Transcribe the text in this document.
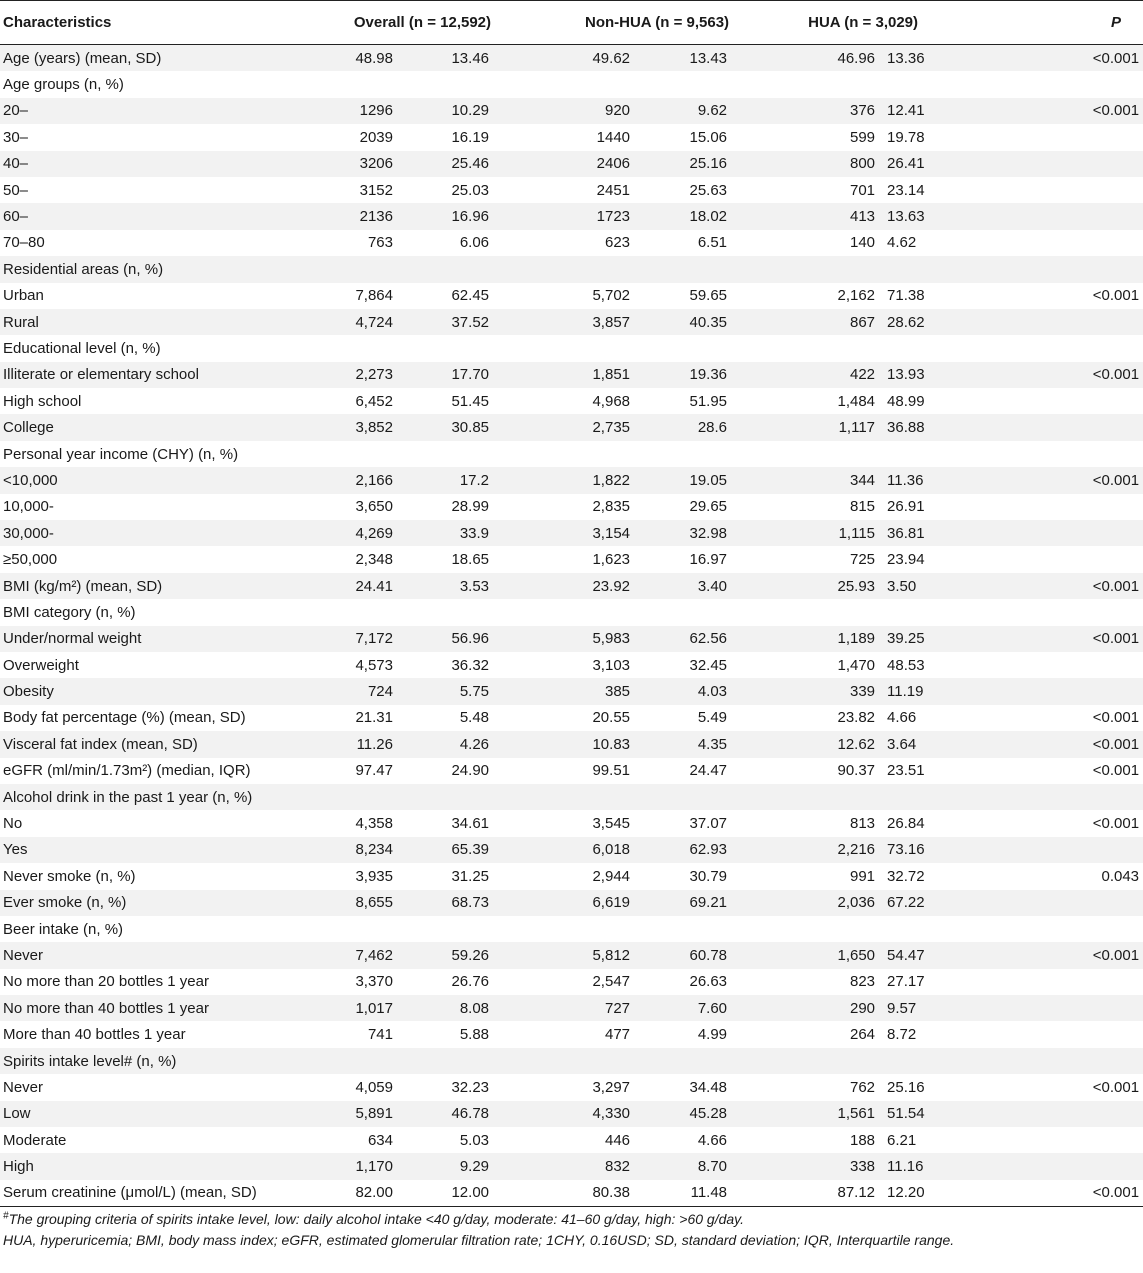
Characteristics	Overall (n = 12,592)		Non-HUA (n = 9,563)		HUA (n = 3,029)		P
Age (years) (mean, SD)	48.98	13.46	49.62	13.43	46.96	13.36	<0.001
Age groups (n, %)							
20–	1296	10.29	920	9.62	376	12.41	<0.001
30–	2039	16.19	1440	15.06	599	19.78	
40–	3206	25.46	2406	25.16	800	26.41	
50–	3152	25.03	2451	25.63	701	23.14	
60–	2136	16.96	1723	18.02	413	13.63	
70–80	763	6.06	623	6.51	140	4.62	
Residential areas (n, %)							
Urban	7,864	62.45	5,702	59.65	2,162	71.38	<0.001
Rural	4,724	37.52	3,857	40.35	867	28.62	
Educational level (n, %)							
Illiterate or elementary school	2,273	17.70	1,851	19.36	422	13.93	<0.001
High school	6,452	51.45	4,968	51.95	1,484	48.99	
College	3,852	30.85	2,735	28.6	1,117	36.88	
Personal year income (CHY) (n, %)							
<10,000	2,166	17.2	1,822	19.05	344	11.36	<0.001
10,000-	3,650	28.99	2,835	29.65	815	26.91	
30,000-	4,269	33.9	3,154	32.98	1,115	36.81	
≥50,000	2,348	18.65	1,623	16.97	725	23.94	
BMI (kg/m²) (mean, SD)	24.41	3.53	23.92	3.40	25.93	3.50	<0.001
BMI category (n, %)							
Under/normal weight	7,172	56.96	5,983	62.56	1,189	39.25	<0.001
Overweight	4,573	36.32	3,103	32.45	1,470	48.53	
Obesity	724	5.75	385	4.03	339	11.19	
Body fat percentage (%) (mean, SD)	21.31	5.48	20.55	5.49	23.82	4.66	<0.001
Visceral fat index (mean, SD)	11.26	4.26	10.83	4.35	12.62	3.64	<0.001
eGFR (ml/min/1.73m²) (median, IQR)	97.47	24.90	99.51	24.47	90.37	23.51	<0.001
Alcohol drink in the past 1 year (n, %)							
No	4,358	34.61	3,545	37.07	813	26.84	<0.001
Yes	8,234	65.39	6,018	62.93	2,216	73.16	
Never smoke (n, %)	3,935	31.25	2,944	30.79	991	32.72	0.043
Ever smoke (n, %)	8,655	68.73	6,619	69.21	2,036	67.22	
Beer intake (n, %)							
Never	7,462	59.26	5,812	60.78	1,650	54.47	<0.001
No more than 20 bottles 1 year	3,370	26.76	2,547	26.63	823	27.17	
No more than 40 bottles 1 year	1,017	8.08	727	7.60	290	9.57	
More than 40 bottles 1 year	741	5.88	477	4.99	264	8.72	
Spirits intake level# (n, %)							
Never	4,059	32.23	3,297	34.48	762	25.16	<0.001
Low	5,891	46.78	4,330	45.28	1,561	51.54	
Moderate	634	5.03	446	4.66	188	6.21	
High	1,170	9.29	832	8.70	338	11.16	
Serum creatinine (μmol/L) (mean, SD)	82.00	12.00	80.38	11.48	87.12	12.20	<0.001
#The grouping criteria of spirits intake level, low: daily alcohol intake <40 g/day, moderate: 41–60 g/day, high: >60 g/day.
HUA, hyperuricemia; BMI, body mass index; eGFR, estimated glomerular filtration rate; 1CHY, 0.16USD; SD, standard deviation; IQR, Interquartile range.
